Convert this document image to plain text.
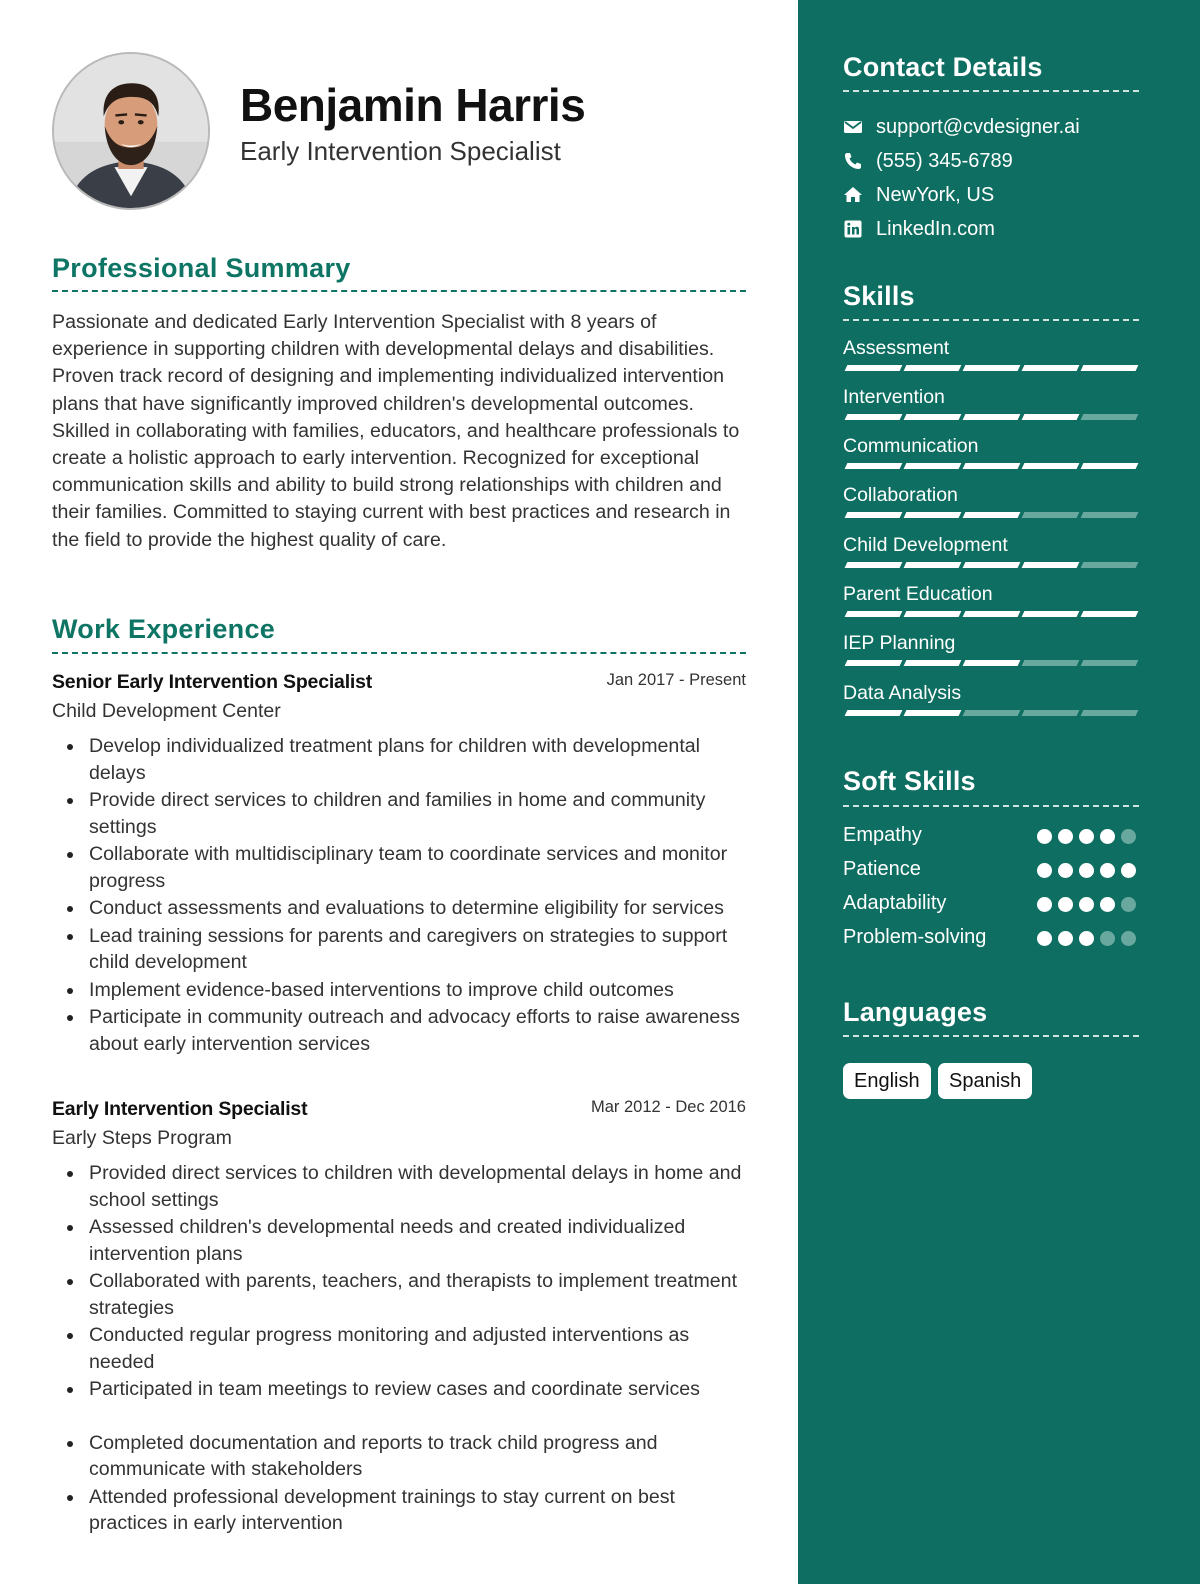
Benjamin Harris
Early Intervention Specialist
Professional Summary

Passionate and dedicated Early Intervention Specialist with 8 years of experience in supporting children with developmental delays and disabilities. Proven track record of designing and implementing individualized intervention plans that have significantly improved children's developmental outcomes. Skilled in collaborating with families, educators, and healthcare professionals to create a holistic approach to early intervention. Recognized for exceptional communication skills and ability to build strong relationships with children and their families. Committed to staying current with best practices and research in the field to provide the highest quality of care.

Work Experience
Senior Early Intervention Specialist	Jan 2017 - Present
Child Development Center
Develop individualized treatment plans for children with developmental delays
Provide direct services to children and families in home and community settings
Collaborate with multidisciplinary team to coordinate services and monitor progress
Conduct assessments and evaluations to determine eligibility for services
Lead training sessions for parents and caregivers on strategies to support child development
Implement evidence-based interventions to improve child outcomes
Participate in community outreach and advocacy efforts to raise awareness about early intervention services
Early Intervention Specialist	Mar 2012 - Dec 2016
Early Steps Program
Provided direct services to children with developmental delays in home and school settings
Assessed children's developmental needs and created individualized intervention plans
Collaborated with parents, teachers, and therapists to implement treatment strategies
Conducted regular progress monitoring and adjusted interventions as needed
Participated in team meetings to review cases and coordinate services
Completed documentation and reports to track child progress and communicate with stakeholders
Attended professional development trainings to stay current on best practices in early intervention
Contact Details
support@cvdesigner.ai
(555) 345-6789
NewYork, US
LinkedIn.com
Skills
Assessment
Intervention
Communication
Collaboration
Child Development
Parent Education
IEP Planning
Data Analysis
Soft Skills
Empathy
Patience
Adaptability
Problem-solving
Languages
English	Spanish
